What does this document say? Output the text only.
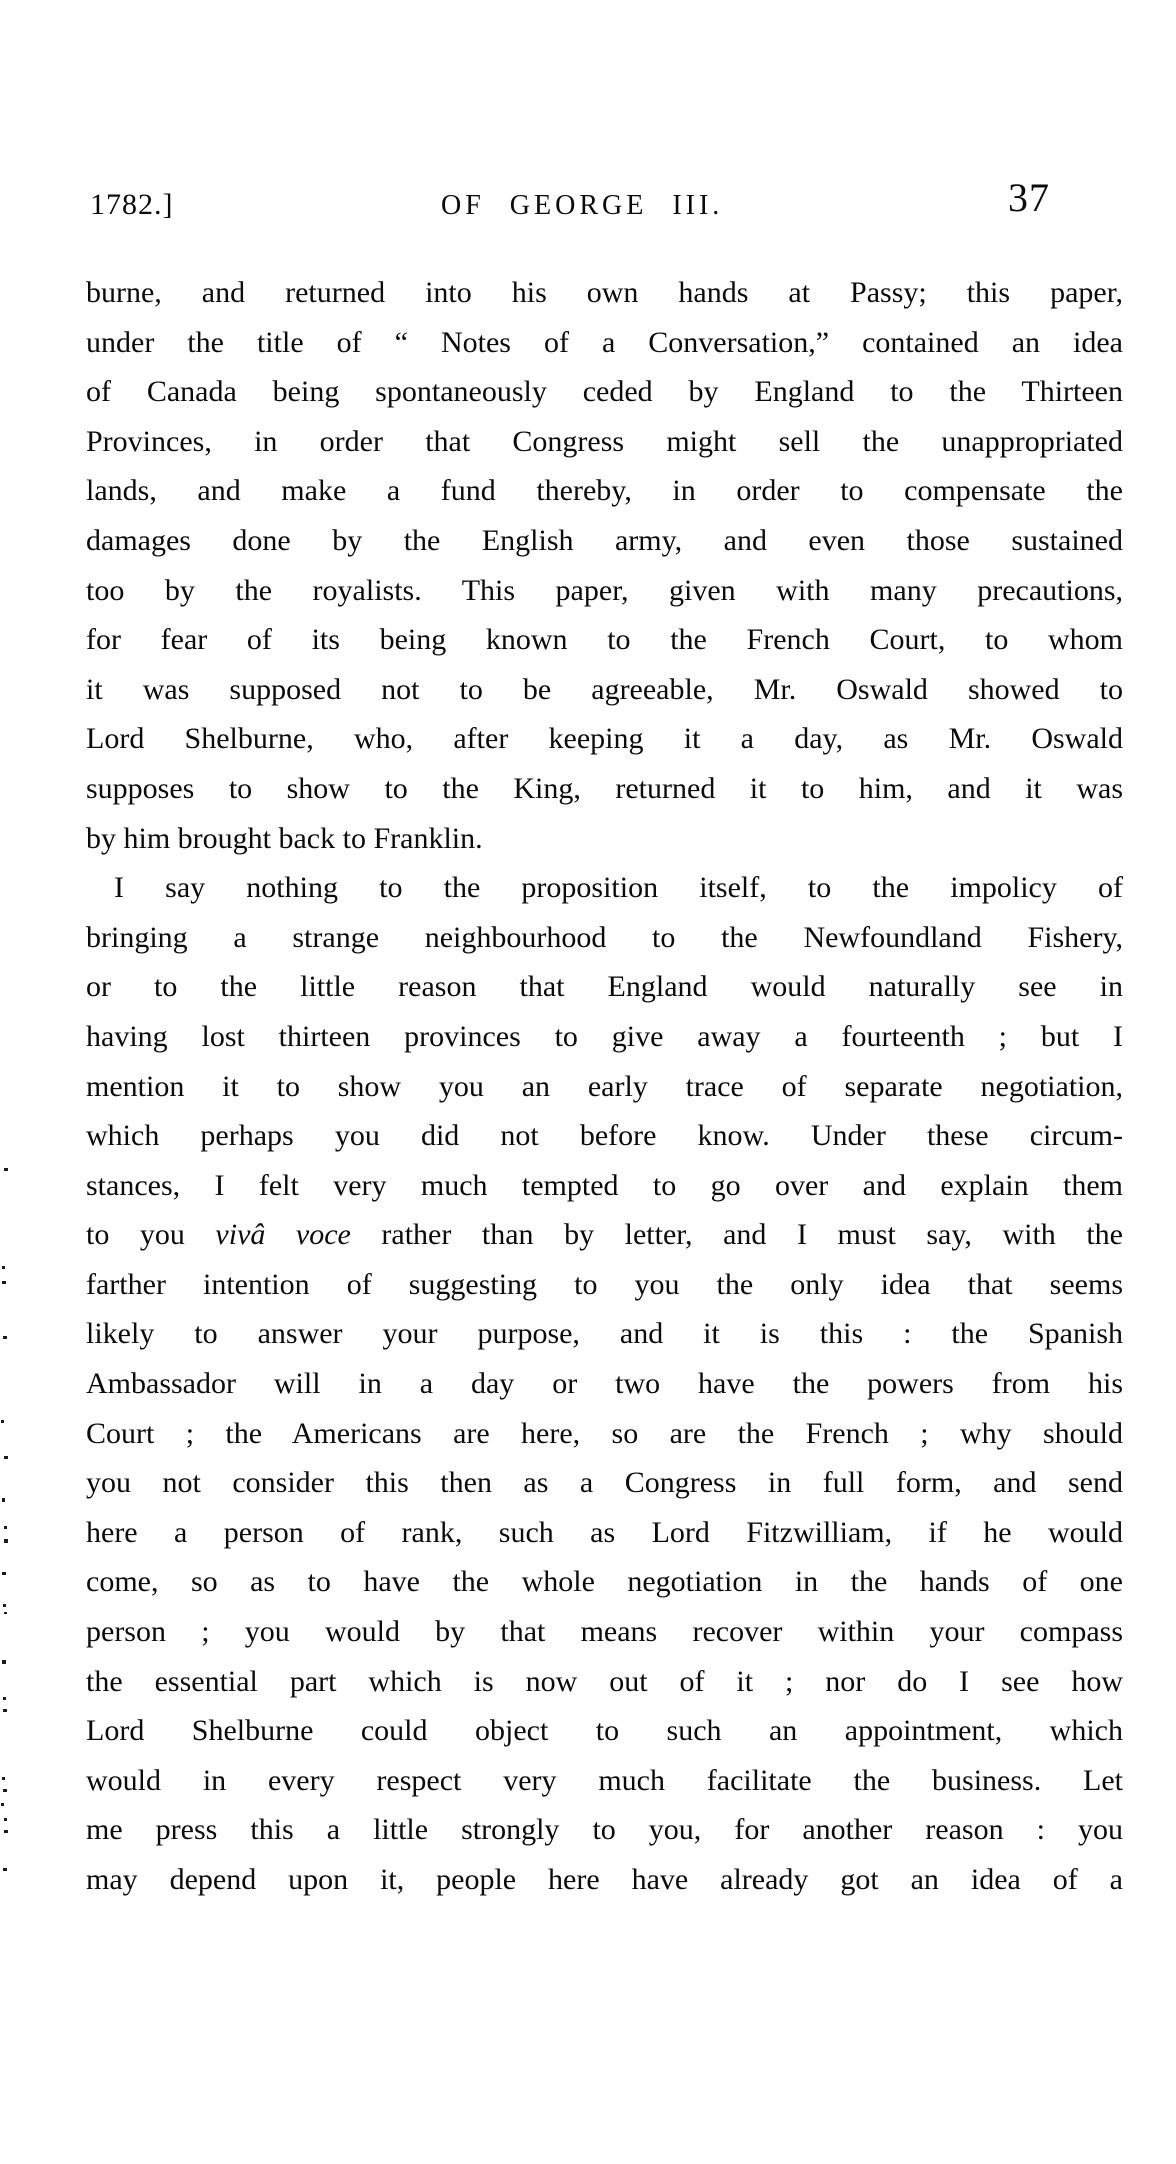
1782.]	OF GEORGE III.	37
burne, and returned into his own hands at Passy; this paper,
under the title of “ Notes of a Conversation,” contained an idea
of Canada being spontaneously ceded by England to the Thirteen
Provinces, in order that Congress might sell the unappropriated
lands, and make a fund thereby, in order to compensate the
damages done by the English army, and even those sustained
too by the royalists. This paper, given with many precautions,
for fear of its being known to the French Court, to whom
it was supposed not to be agreeable, Mr. Oswald showed to
Lord Shelburne, who, after keeping it a day, as Mr. Oswald
supposes to show to the King, returned it to him, and it was
by him brought back to Franklin.
I say nothing to the proposition itself, to the impolicy of
bringing a strange neighbourhood to the Newfoundland Fishery,
or to the little reason that England would naturally see in
having lost thirteen provinces to give away a fourteenth ; but I
mention it to show you an early trace of separate negotiation,
which perhaps you did not before know. Under these circum-
stances, I felt very much tempted to go over and explain them
to you vivâ voce rather than by letter, and I must say, with the
farther intention of suggesting to you the only idea that seems
likely to answer your purpose, and it is this : the Spanish
Ambassador will in a day or two have the powers from his
Court ; the Americans are here, so are the French ; why should
you not consider this then as a Congress in full form, and send
here a person of rank, such as Lord Fitzwilliam, if he would
come, so as to have the whole negotiation in the hands of one
person ; you would by that means recover within your compass
the essential part which is now out of it ; nor do I see how
Lord Shelburne could object to such an appointment, which
would in every respect very much facilitate the business. Let
me press this a little strongly to you, for another reason : you
may depend upon it, people here have already got an idea of a
